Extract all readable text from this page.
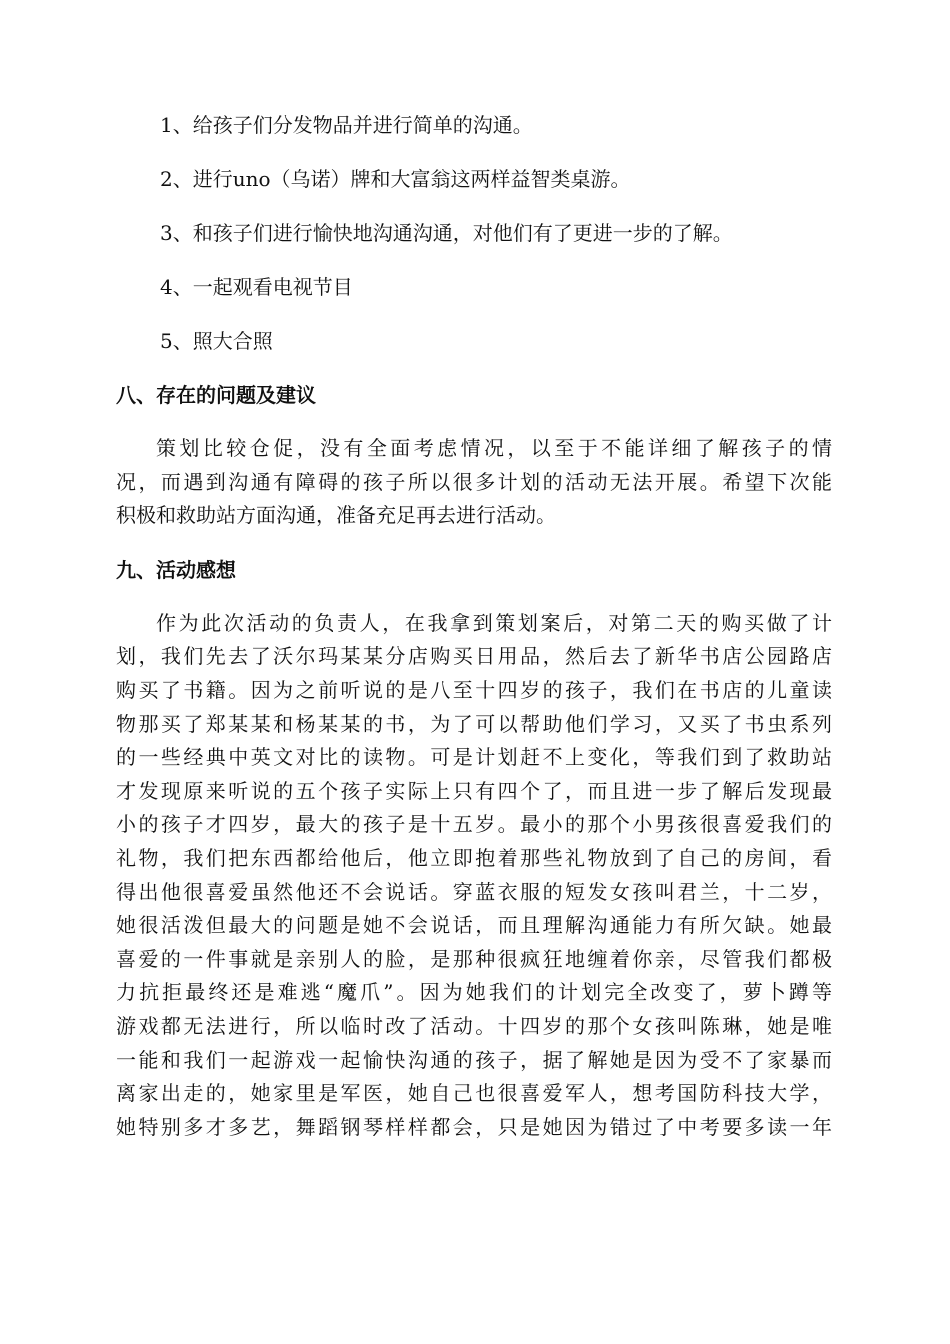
1、给孩子们分发物品并进行简单的沟通。

2、进行uno（乌诺）牌和大富翁这两样益智类桌游。

3、和孩子们进行愉快地沟通沟通，对他们有了更进一步的了解。

4、一起观看电视节目

5、照大合照

八、存在的问题及建议
策划比较仓促，没有全面考虑情况，以至于不能详细了解孩子的情
况，而遇到沟通有障碍的孩子所以很多计划的活动无法开展。希望下次能
积极和救助站方面沟通，准备充足再去进行活动。
九、活动感想
作为此次活动的负责人，在我拿到策划案后，对第二天的购买做了计
划，我们先去了沃尔玛某某分店购买日用品，然后去了新华书店公园路店
购买了书籍。因为之前听说的是八至十四岁的孩子，我们在书店的儿童读
物那买了郑某某和杨某某的书，为了可以帮助他们学习，又买了书虫系列
的一些经典中英文对比的读物。可是计划赶不上变化，等我们到了救助站
才发现原来听说的五个孩子实际上只有四个了，而且进一步了解后发现最
小的孩子才四岁，最大的孩子是十五岁。最小的那个小男孩很喜爱我们的
礼物，我们把东西都给他后，他立即抱着那些礼物放到了自己的房间，看
得出他很喜爱虽然他还不会说话。穿蓝衣服的短发女孩叫君兰，十二岁，
她很活泼但最大的问题是她不会说话，而且理解沟通能力有所欠缺。她最
喜爱的一件事就是亲别人的脸，是那种很疯狂地缠着你亲，尽管我们都极
力抗拒最终还是难逃“魔爪”。因为她我们的计划完全改变了，萝卜蹲等
游戏都无法进行，所以临时改了活动。十四岁的那个女孩叫陈琳，她是唯
一能和我们一起游戏一起愉快沟通的孩子，据了解她是因为受不了家暴而
离家出走的，她家里是军医，她自己也很喜爱军人，想考国防科技大学，
她特别多才多艺，舞蹈钢琴样样都会，只是她因为错过了中考要多读一年
